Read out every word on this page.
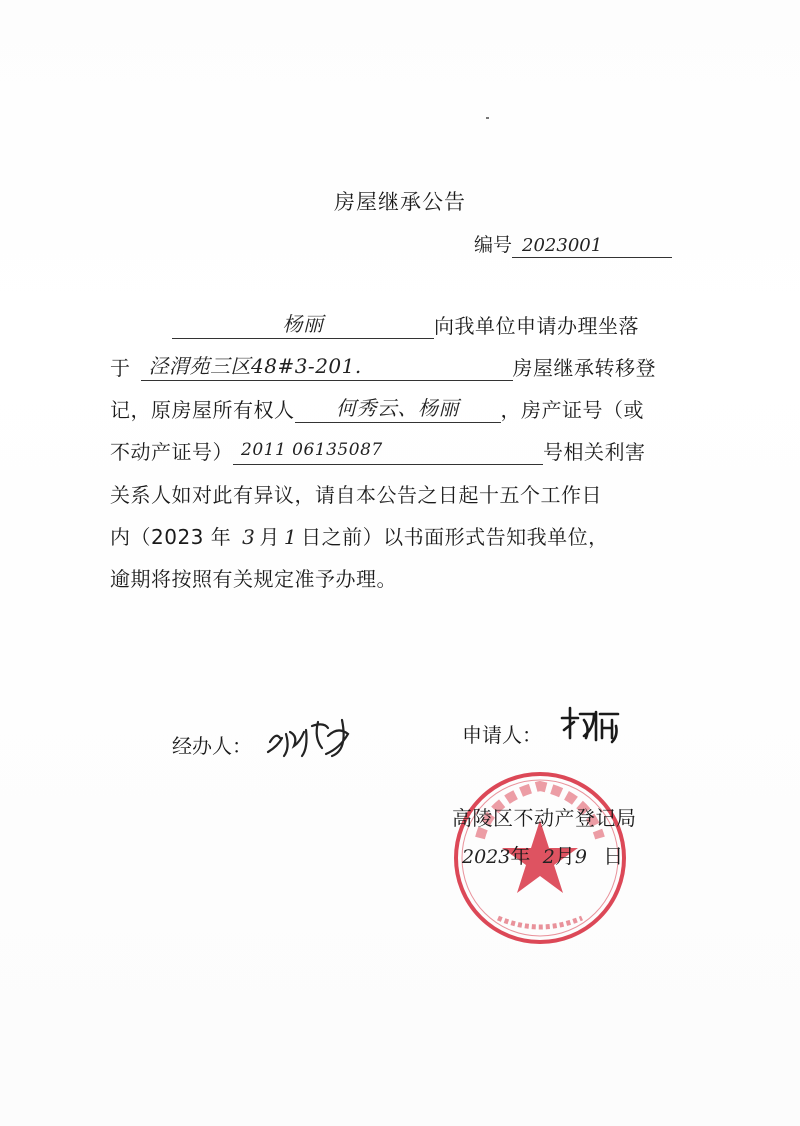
房屋继承公告
编号 2023001
杨丽	向我单位申请办理坐落
于 泾渭苑三区48#3-201.	房屋继承转移登
记，原房屋所有权人 何秀云、杨丽 ，房产证号（或
不动产证号） 2011 06135087	号相关利害
关系人如对此有异议，请自本公告之日起十五个工作日
内（2023 年 3 月 1 日之前）以书面形式告知我单位，
逾期将按照有关规定准予办理。
经办人：	申请人：
高陵区不动产登记局
2023年 2月9 日
